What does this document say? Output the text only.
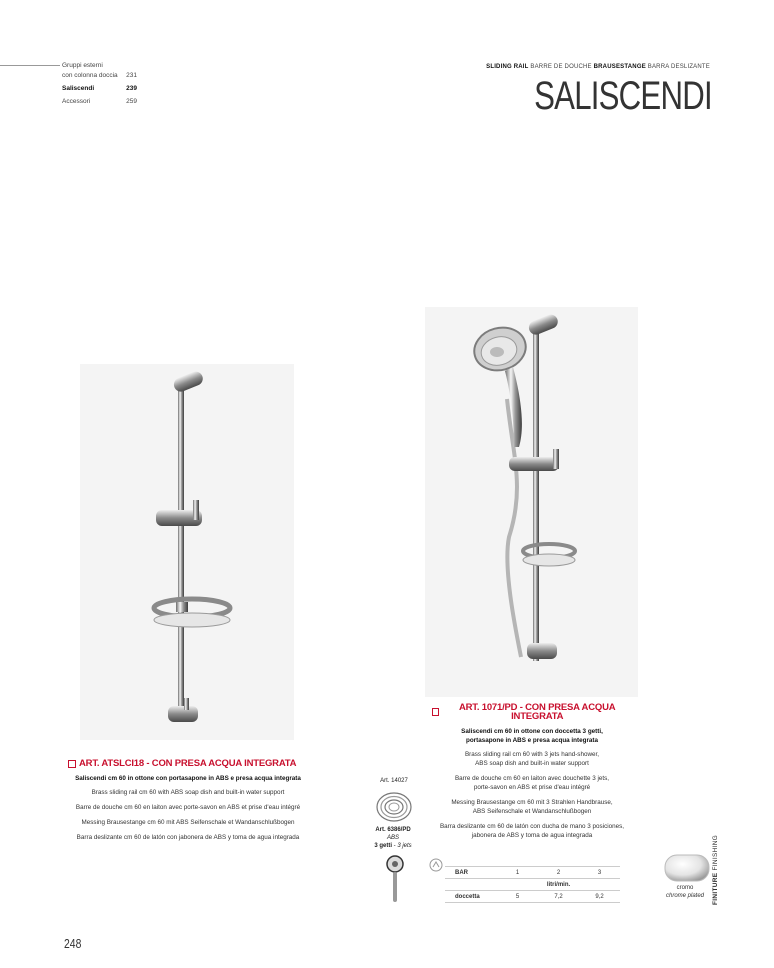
Gruppi esterni
con colonna doccia 231
Saliscendi	239
Accessori	259
SLIDING RAIL BARRE DE DOUCHE BRAUSESTANGE BARRA DESLIZANTE
SALISCENDI
ART. ATSLCI18 - CON PRESA ACQUA INTEGRATA
Saliscendi cm 60 in ottone con portasapone in ABS e presa acqua integrata
Brass sliding rail cm 60 with ABS soap dish and built-in water support
Barre de douche cm 60 en laiton avec porte-savon en ABS et prise d'eau intégré
Messing Brausestange cm 60 mit ABS Seifenschale et Wandanschlußbogen
Barra deslizante cm 60 de latón con jabonera de ABS y toma de agua integrada
ART. 1071/PD - CON PRESA ACQUA INTEGRATA
Saliscendi cm 60 in ottone con doccetta 3 getti,
portasapone in ABS e presa acqua integrata
Brass sliding rail cm 60 with 3 jets hand-shower,
ABS soap dish and built-in water support
Barre de douche cm 60 en laiton avec douchette 3 jets,
porte-savon en ABS et prise d'eau intégré
Messing Brausestange cm 60 mit 3 Strahlen Handbrause,
ABS Seifenschale et Wandanschlußbogen
Barra deslizante cm 60 de latón con ducha de mano 3 posiciones,
jabonera de ABS y toma de agua integrada
Art. 14027
Art. 6386/PD
ABS
3 getti - 3 jets
BAR	1	2	3
litri/min.
doccetta	5	7,2	9,2
cromo
chrome plated	FINITURE FINISHING
248
